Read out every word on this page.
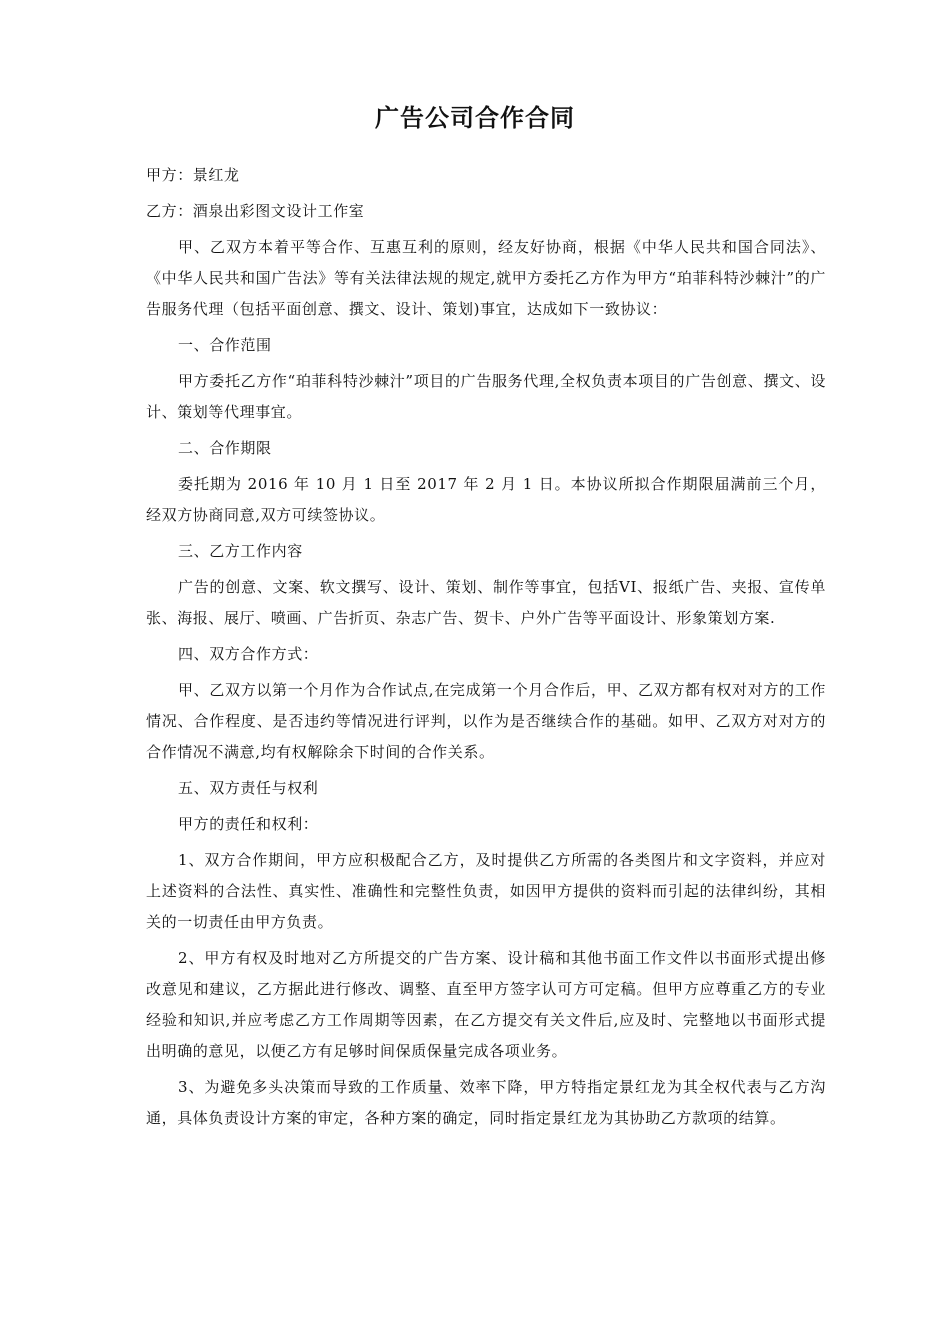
广告公司合作合同

甲方：景红龙

乙方：酒泉出彩图文设计工作室

甲、乙双方本着平等合作、互惠互利的原则，经友好协商，根据《中华人民共和国合同法》、《中华人民共和国广告法》等有关法律法规的规定,就甲方委托乙方作为甲方“珀菲科特沙棘汁”的广告服务代理（包括平面创意、撰文、设计、策划)事宜，达成如下一致协议：

一、合作范围

甲方委托乙方作“珀菲科特沙棘汁”项目的广告服务代理,全权负责本项目的广告创意、撰文、设计、策划等代理事宜。

二、合作期限

委托期为 2016 年 10 月 1 日至 2017 年 2 月 1 日。本协议所拟合作期限届满前三个月，经双方协商同意,双方可续签协议。

三、乙方工作内容

广告的创意、文案、软文撰写、设计、策划、制作等事宜，包括VI、报纸广告、夹报、宣传单张、海报、展厅、喷画、广告折页、杂志广告、贺卡、户外广告等平面设计、形象策划方案.

四、双方合作方式：

甲、乙双方以第一个月作为合作试点,在完成第一个月合作后，甲、乙双方都有权对对方的工作情况、合作程度、是否违约等情况进行评判，以作为是否继续合作的基础。如甲、乙双方对对方的合作情况不满意,均有权解除余下时间的合作关系。

五、双方责任与权利

甲方的责任和权利：

1、双方合作期间，甲方应积极配合乙方，及时提供乙方所需的各类图片和文字资料，并应对上述资料的合法性、真实性、准确性和完整性负责，如因甲方提供的资料而引起的法律纠纷，其相关的一切责任由甲方负责。

2、甲方有权及时地对乙方所提交的广告方案、设计稿和其他书面工作文件以书面形式提出修改意见和建议，乙方据此进行修改、调整、直至甲方签字认可方可定稿。但甲方应尊重乙方的专业经验和知识,并应考虑乙方工作周期等因素，在乙方提交有关文件后,应及时、完整地以书面形式提出明确的意见，以便乙方有足够时间保质保量完成各项业务。

3、为避免多头决策而导致的工作质量、效率下降，甲方特指定景红龙为其全权代表与乙方沟通，具体负责设计方案的审定，各种方案的确定，同时指定景红龙为其协助乙方款项的结算。
